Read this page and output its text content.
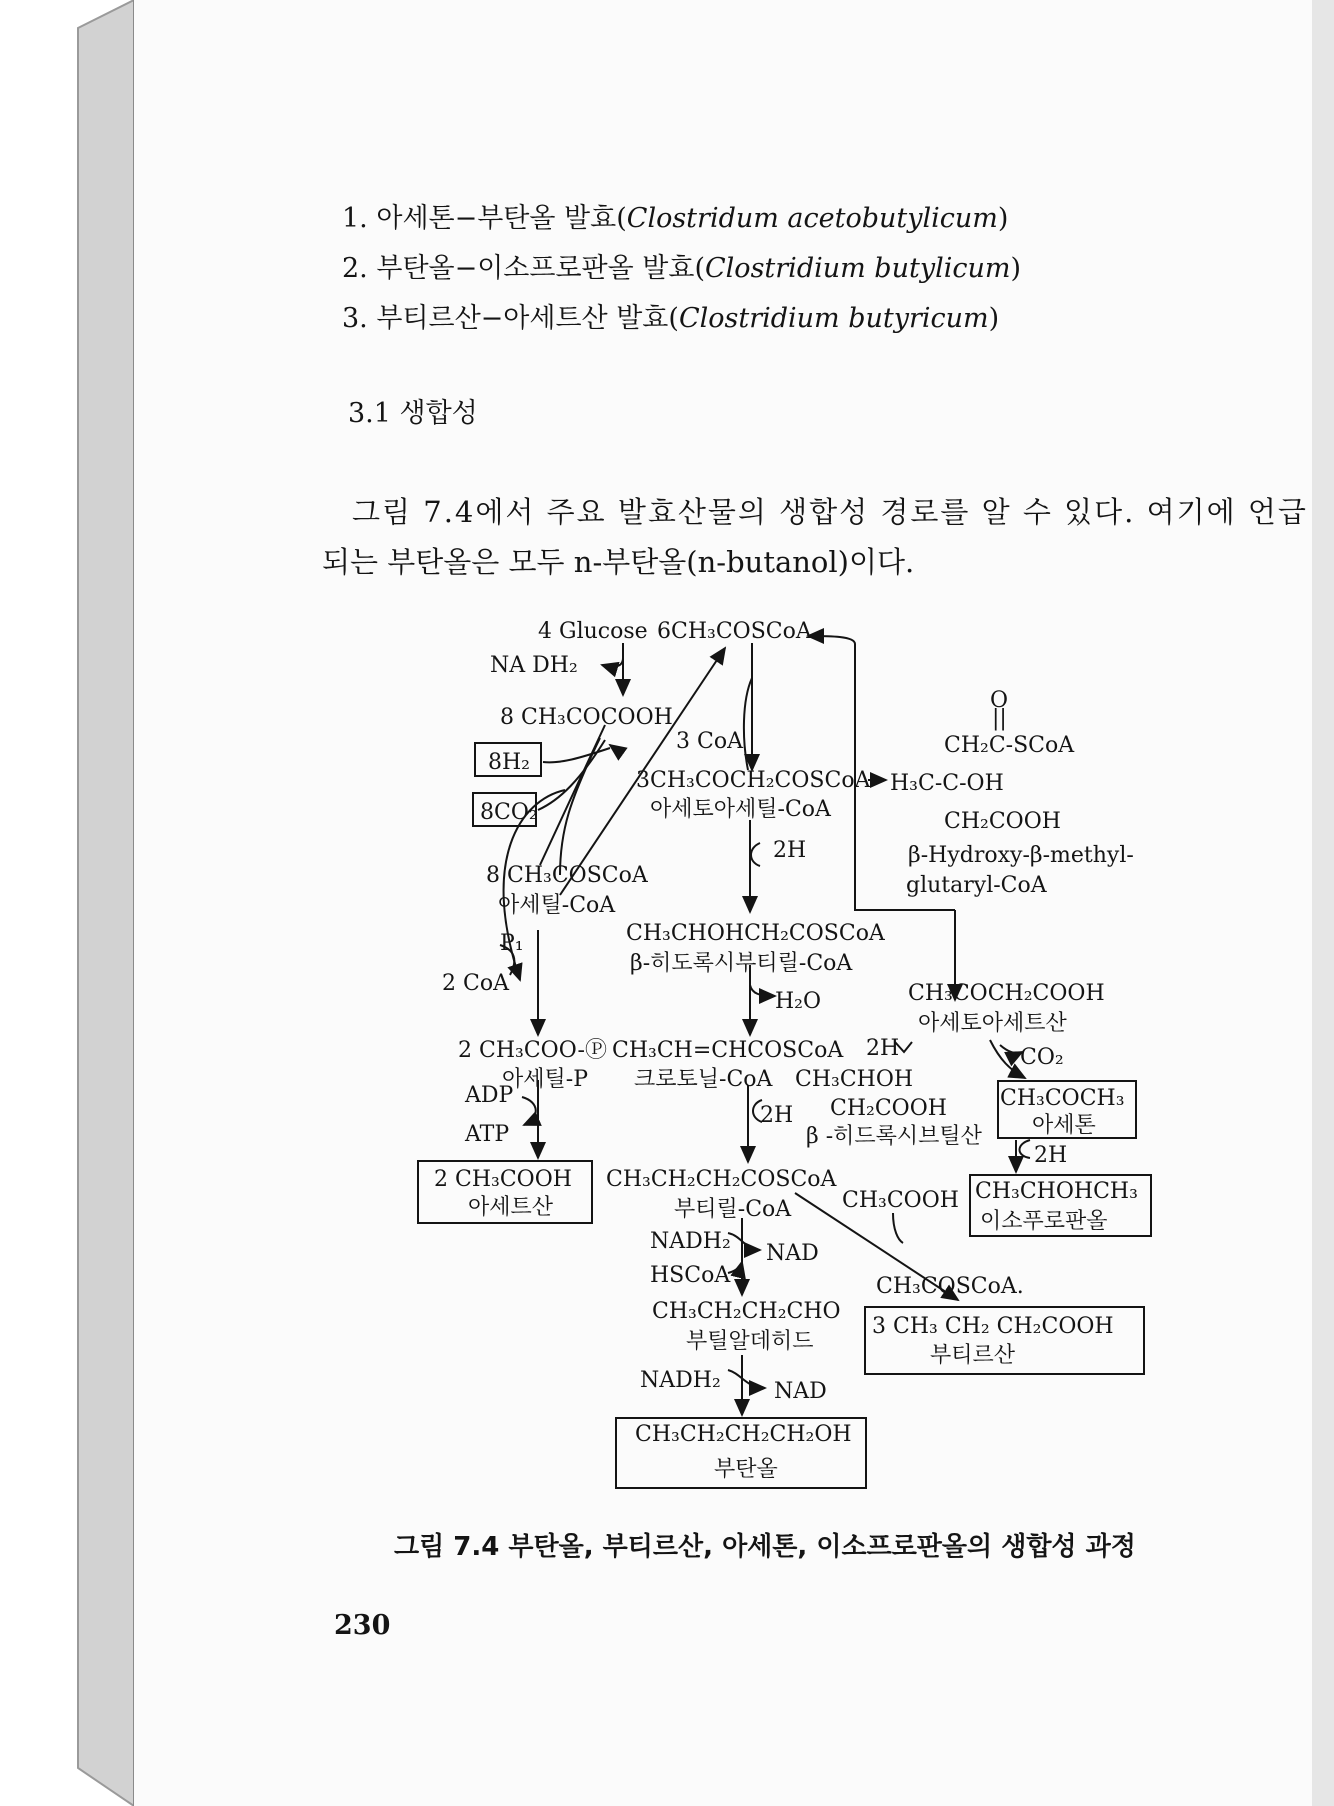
1. 아세톤−부탄올 발효(Clostridum acetobutylicum)
2. 부탄올−이소프로판올 발효(Clostridium butylicum)
3. 부티르산−아세트산 발효(Clostridium butyricum)
3.1 생합성
그림 7.4에서 주요 발효산물의 생합성 경로를 알 수 있다. 여기에 언급
되는 부탄올은 모두 n-부탄올(n-butanol)이다.
4 Glucose 6CH₃COSCoA
NA DH₂
8 CH₃COCOOH
3 CoA
8H₂
8CO₂
3CH₃COCH₂COSCoA
아세토아세틸-CoA
O
||
CH₂C-SCoA
H₃C-C-OH
CH₂COOH
β-Hydroxy-β-methyl-
glutaryl-CoA
2H
8 CH₃COSCoA
아세틸-CoA
CH₃CHOHCH₂COSCoA
β-히도록시부티릴-CoA
P₁
2 CoA
H₂O	CH₃COCH₂COOH
아세토아세트산
2 CH₃COO-Ⓟ
아세틸-P
CH₃CH=CHCOSCoA
크로토닐-CoA
2H	CO₂
CH₃CHOH
CH₂COOH
β -히드록시브틸산
ADP
ATP
2H
CH₃COCH₃
아세톤
2H
2 CH₃COOH
아세트산
CH₃CH₂CH₂COSCoA
부티릴-CoA CH₃COOH CH₃CHOHCH₃
이소푸로판올
NADH₂ NAD
HSCoA	CH₃COSCoA.
CH₃CH₂CH₂CHO
부틸알데히드
3 CH₃ CH₂ CH₂COOH
부티르산
NADH₂ NAD
CH₃CH₂CH₂CH₂OH
부탄올
그림 7.4 부탄올, 부티르산, 아세톤, 이소프로판올의 생합성 과정
230
